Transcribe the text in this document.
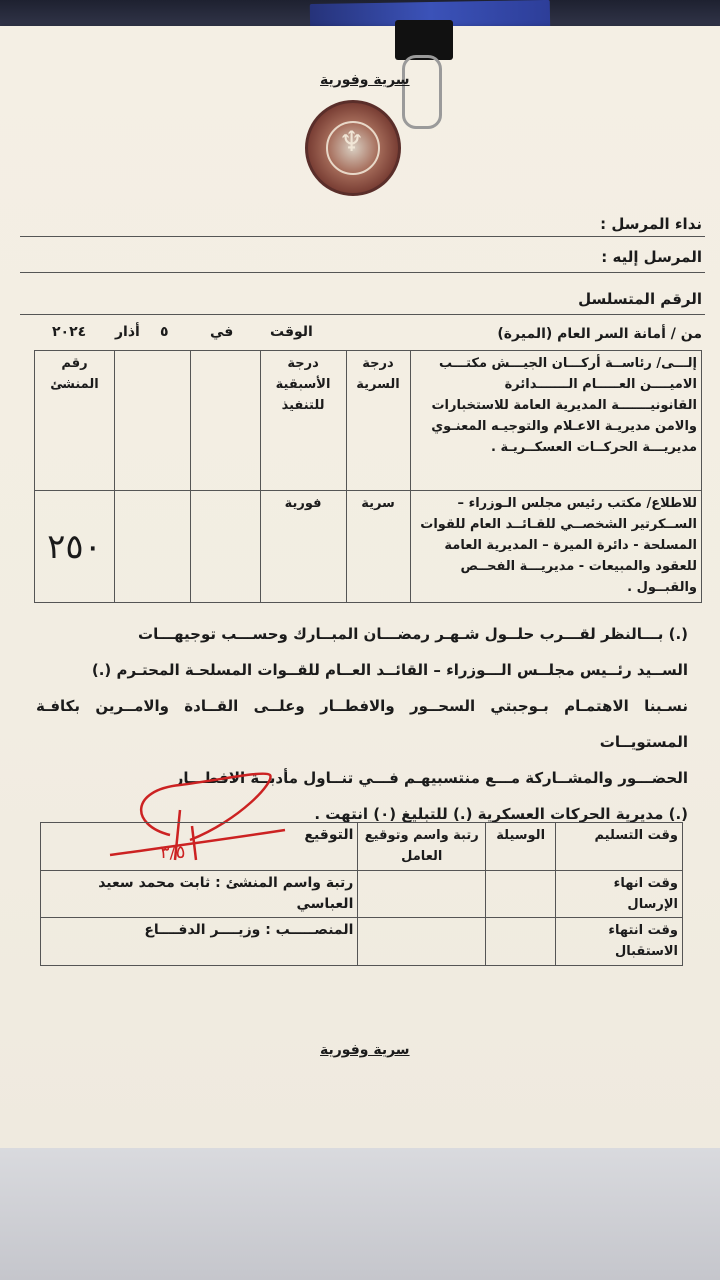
سرية وفورية
♆
نداء المرسل :
المرسل إليه :
الرقم المتسلسل
من / أمانة السر العام (الميرة)
الوقت
في
٥
أذار
٢٠٢٤
رقم المنشئ			درجة الأسبقية للتنفيذ	درجة السرية	إلـــى/ رئاســة أركـــان الجيـــش مكتـــب الاميــــن العـــــام الـــــــدائرة القانونيـــــــة المديرية العامة للاستخبارات والامن مديريـة الاعـلام والتوجيـه المعنـوي مديريـــة الحركــات العسكــريـة .

٢٥٠			فورية	سرية	للاطلاع/ مكتب رئيس مجلس الـوزراء – الســكرتير الشخصــي للقـائــد العام للقوات المسلحة - دائرة الميرة – المديرية العامة للعقود والمبيعات - مديريـــة الفحــص والقبــول .
(.) بـــالنظر لقـــرب حلــول شـهـر رمضـــان المبــارك وحســـب توجيهـــات
الســيد رئــيس مجلــس الـــوزراء – القائــد العــام للقــوات المسلحـة المحتـرم (.)
نسـبنا الاهتمـام بـوجبتي السحــور والافطــار وعلــى القــادة والامــرين بكافـة المستويــات
الحضـــور والمشــاركة مـــع منتسبيهـم فـــي تنــاول مأدبــة الافطـــار
(.) مديرية الحركات العسكرية (.) للتبليغ (٠) انتهت .
٣/٥
التوقيع	رتبة واسم وتوقيع العامل	الوسيلة	وقت التسليم

رتبة واسم المنشئ : ثابت محمد سعيد العباسي			وقت انهاء الإرسال

المنصـــــب : وزيــــر الدفــــاع			وقت انتهاء الاستقبال
سرية وفورية
